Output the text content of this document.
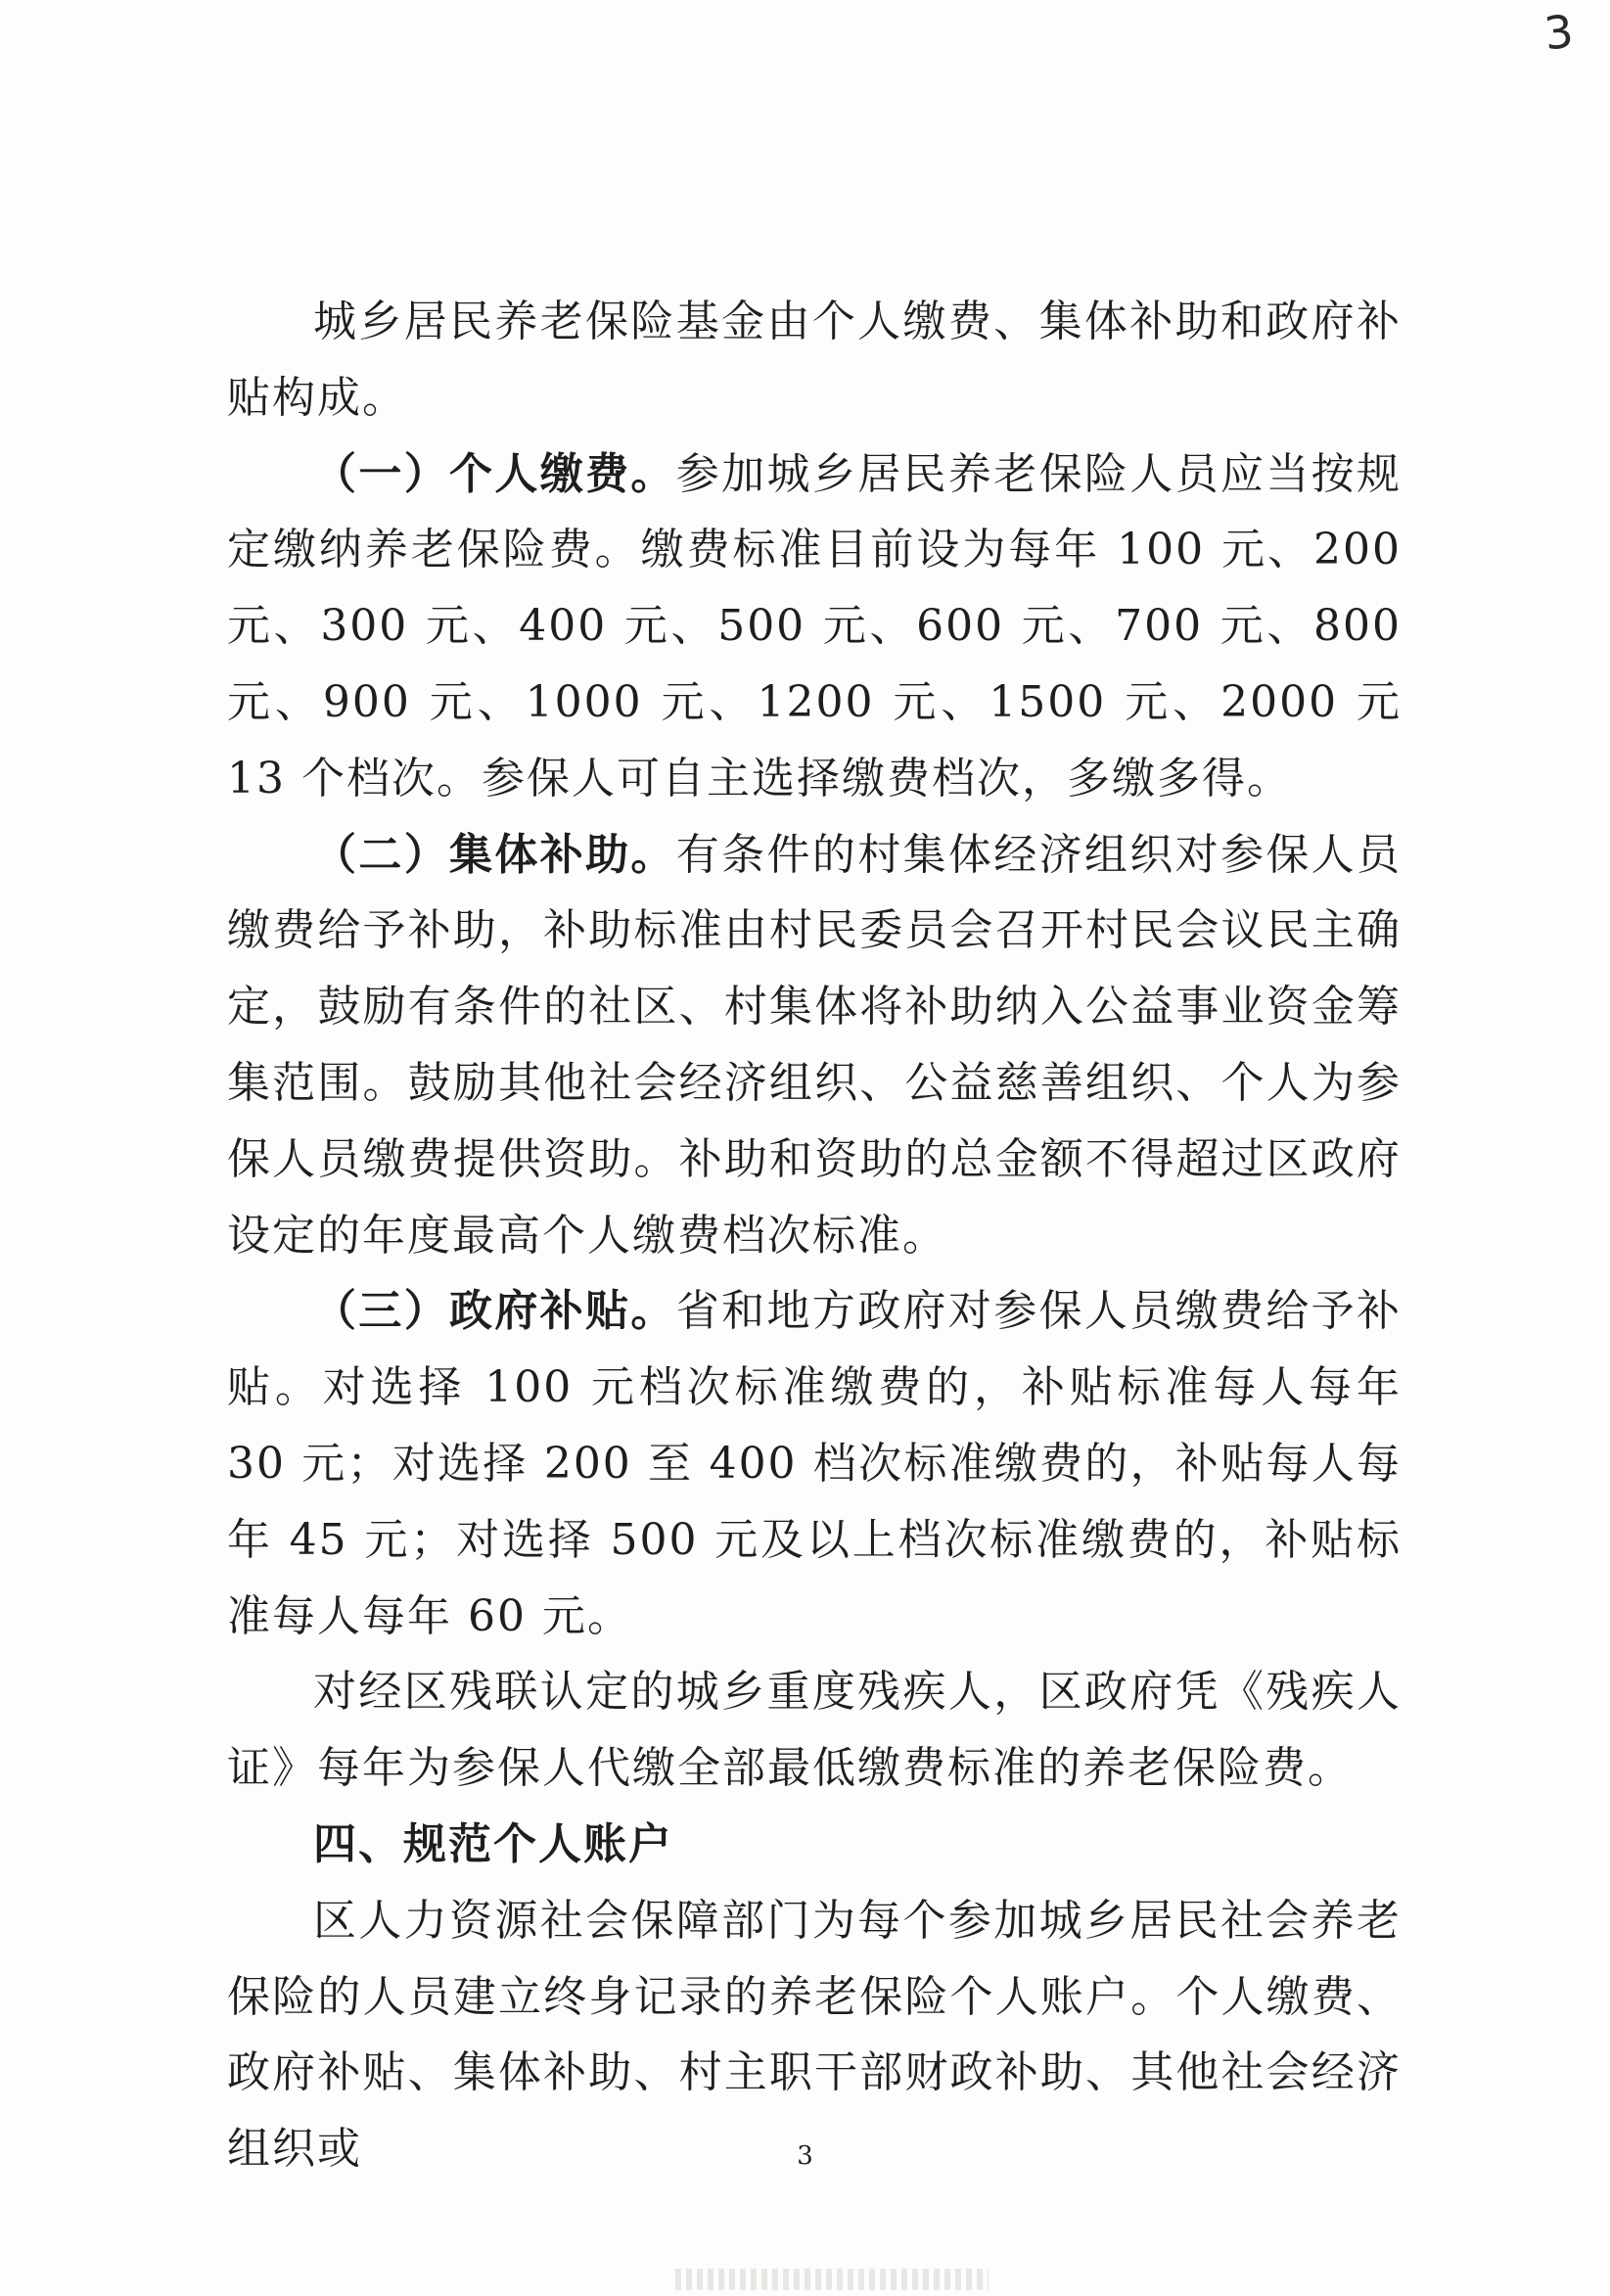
3

城乡居民养老保险基金由个人缴费、集体补助和政府补贴构成。

（一）个人缴费。参加城乡居民养老保险人员应当按规定缴纳养老保险费。缴费标准目前设为每年 100 元、200 元、300 元、400 元、500 元、600 元、700 元、800 元、900 元、1000 元、1200 元、1500 元、2000 元 13 个档次。参保人可自主选择缴费档次，多缴多得。

（二）集体补助。有条件的村集体经济组织对参保人员缴费给予补助，补助标准由村民委员会召开村民会议民主确定，鼓励有条件的社区、村集体将补助纳入公益事业资金筹集范围。鼓励其他社会经济组织、公益慈善组织、个人为参保人员缴费提供资助。补助和资助的总金额不得超过区政府设定的年度最高个人缴费档次标准。

（三）政府补贴。省和地方政府对参保人员缴费给予补贴。对选择 100 元档次标准缴费的，补贴标准每人每年 30 元；对选择 200 至 400 档次标准缴费的，补贴每人每年 45 元；对选择 500 元及以上档次标准缴费的，补贴标准每人每年 60 元。

对经区残联认定的城乡重度残疾人，区政府凭《残疾人证》每年为参保人代缴全部最低缴费标准的养老保险费。

四、规范个人账户

区人力资源社会保障部门为每个参加城乡居民社会养老保险的人员建立终身记录的养老保险个人账户。个人缴费、政府补贴、集体补助、村主职干部财政补助、其他社会经济组织或	3
